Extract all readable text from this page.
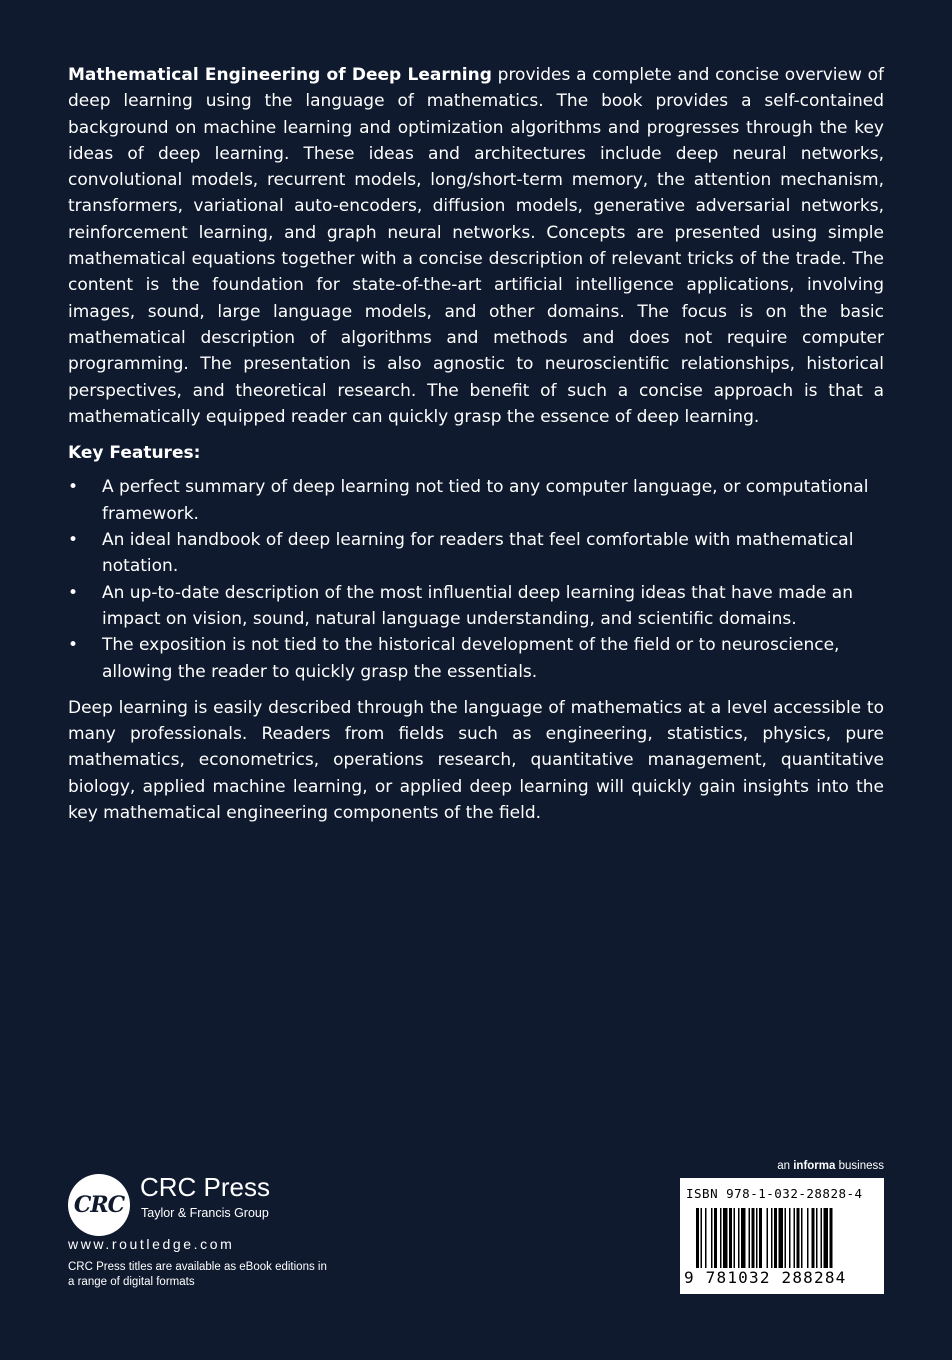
Mathematical Engineering of Deep Learning provides a complete and concise overview of deep learning using the language of mathematics. The book provides a self-contained background on machine learning and optimization algorithms and progresses through the key ideas of deep learning. These ideas and architectures include deep neural networks, convolutional models, recurrent models, long/short-term memory, the attention mechanism, transformers, variational auto-encoders, diffusion models, generative adversarial networks, reinforcement learning, and graph neural networks. Concepts are presented using simple mathematical equations together with a concise description of relevant tricks of the trade. The content is the foundation for state-of-the-art artificial intelligence applications, involving images, sound, large language models, and other domains. The focus is on the basic mathematical description of algorithms and methods and does not require computer programming. The presentation is also agnostic to neuroscientific relationships, historical perspectives, and theoretical research. The benefit of such a concise approach is that a mathematically equipped reader can quickly grasp the essence of deep learning.

Key Features:
• A perfect summary of deep learning not tied to any computer language, or computational framework.
• An ideal handbook of deep learning for readers that feel comfortable with mathematical notation.
• An up-to-date description of the most influential deep learning ideas that have made an impact on vision, sound, natural language understanding, and scientific domains.
• The exposition is not tied to the historical development of the field or to neuroscience, allowing the reader to quickly grasp the essentials.

Deep learning is easily described through the language of mathematics at a level accessible to many professionals. Readers from fields such as engineering, statistics, physics, pure mathematics, econometrics, operations research, quantitative management, quantitative biology, applied machine learning, or applied deep learning will quickly gain insights into the key mathematical engineering components of the field.

CRC
CRC Press
Taylor & Francis Group
www.routledge.com
CRC Press titles are available as eBook editions in a range of digital formats
an informa business
ISBN 978-1-032-28828-4
9 781032 288284
